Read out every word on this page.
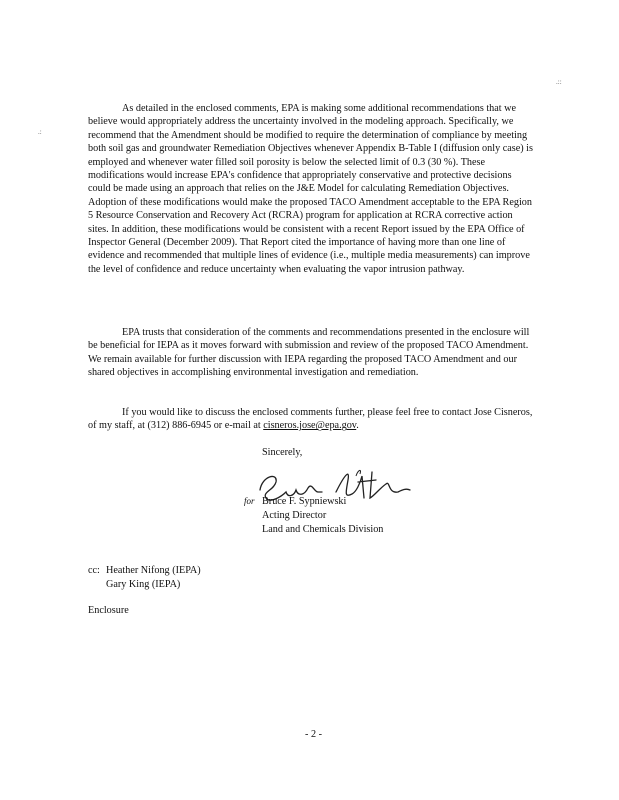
.::
.:

As detailed in the enclosed comments, EPA is making some additional recommendations that we believe would appropriately address the uncertainty involved in the modeling approach. Specifically, we recommend that the Amendment should be modified to require the determination of compliance by meeting both soil gas and groundwater Remediation Objectives whenever Appendix B-Table I (diffusion only case) is employed and whenever water filled soil porosity is below the selected limit of 0.3 (30 %). These modifications would increase EPA's confidence that appropriately conservative and protective decisions could be made using an approach that relies on the J&E Model for calculating Remediation Objectives. Adoption of these modifications would make the proposed TACO Amendment acceptable to the EPA Region 5 Resource Conservation and Recovery Act (RCRA) program for application at RCRA corrective action sites. In addition, these modifications would be consistent with a recent Report issued by the EPA Office of Inspector General (December 2009). That Report cited the importance of having more than one line of evidence and recommended that multiple lines of evidence (i.e., multiple media measurements) can improve the level of confidence and reduce uncertainty when evaluating the vapor intrusion pathway.

EPA trusts that consideration of the comments and recommendations presented in the enclosure will be beneficial for IEPA as it moves forward with submission and review of the proposed TACO Amendment. We remain available for further discussion with IEPA regarding the proposed TACO Amendment and our shared objectives in accomplishing environmental investigation and remediation.

If you would like to discuss the enclosed comments further, please feel free to contact Jose Cisneros, of my staff, at (312) 886-6945 or e-mail at cisneros.jose@epa.gov.

Sincerely,
for Bruce F. Sypniewski
Acting Director
Land and Chemicals Division
cc: Heather Nifong (IEPA)
Gary King (IEPA)
Enclosure
- 2 -
